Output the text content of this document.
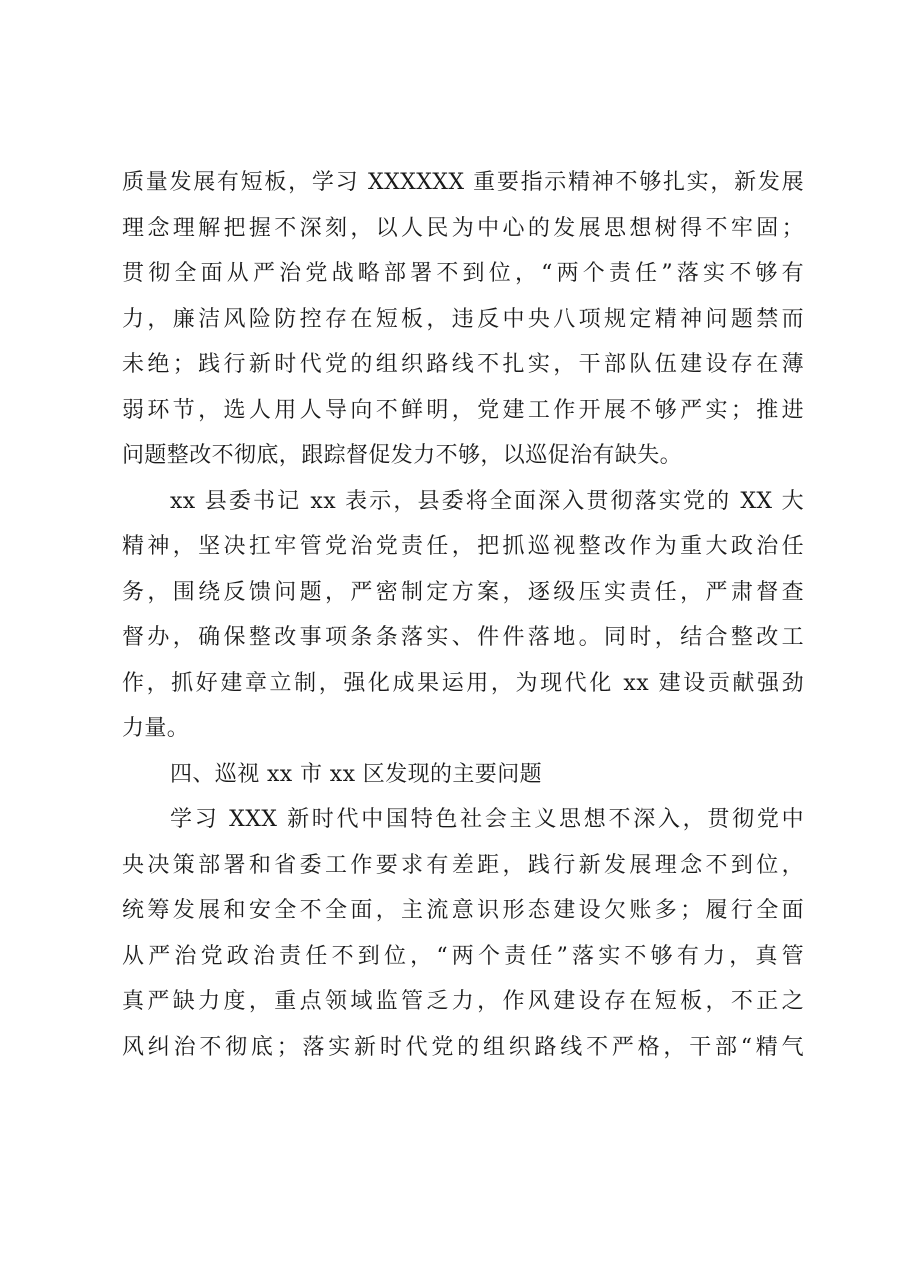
质量发展有短板，学习 XXXXXX 重要指示精神不够扎实，新发展
理念理解把握不深刻，以人民为中心的发展思想树得不牢固；
贯彻全面从严治党战略部署不到位，“两个责任”落实不够有
力，廉洁风险防控存在短板，违反中央八项规定精神问题禁而
未绝；践行新时代党的组织路线不扎实，干部队伍建设存在薄
弱环节，选人用人导向不鲜明，党建工作开展不够严实；推进
问题整改不彻底，跟踪督促发力不够，以巡促治有缺失。
xx 县委书记 xx 表示，县委将全面深入贯彻落实党的 XX 大
精神，坚决扛牢管党治党责任，把抓巡视整改作为重大政治任
务，围绕反馈问题，严密制定方案，逐级压实责任，严肃督查
督办，确保整改事项条条落实、件件落地。同时，结合整改工
作，抓好建章立制，强化成果运用，为现代化 xx 建设贡献强劲
力量。
四、巡视 xx 市 xx 区发现的主要问题
学习 XXX 新时代中国特色社会主义思想不深入，贯彻党中
央决策部署和省委工作要求有差距，践行新发展理念不到位，
统筹发展和安全不全面，主流意识形态建设欠账多；履行全面
从严治党政治责任不到位，“两个责任”落实不够有力，真管
真严缺力度，重点领域监管乏力，作风建设存在短板，不正之
风纠治不彻底；落实新时代党的组织路线不严格，干部“精气
